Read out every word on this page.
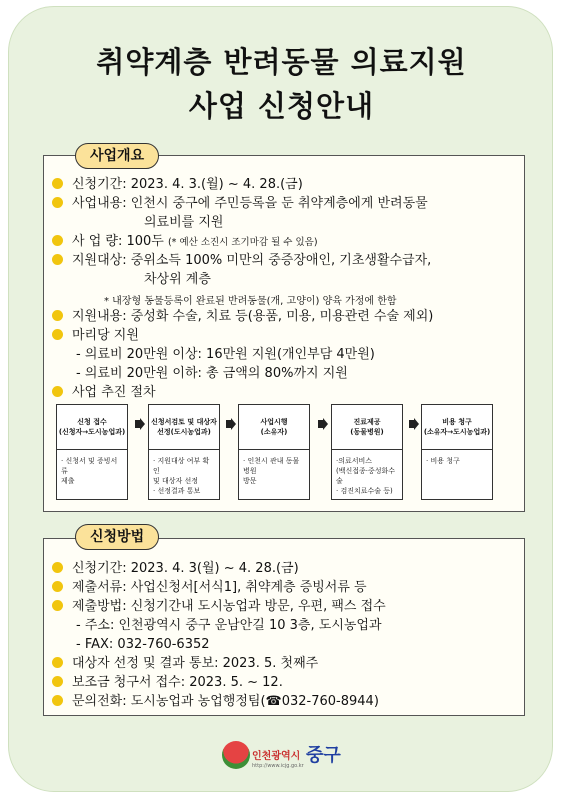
취약계층 반려동물 의료지원
사업 신청안내
사업개요
신청기간: 2023. 4. 3.(월) ~ 4. 28.(금)
사업내용: 인천시 중구에 주민등록을 둔 취약계층에게 반려동물
의료비를 지원
사 업 량: 100두 (* 예산 소진시 조기마감 될 수 있음)
지원대상: 중위소득 100% 미만의 중증장애인, 기초생활수급자,
차상위 계층
* 내장형 동물등록이 완료된 반려동물(개, 고양이) 양육 가정에 한함
지원내용: 중성화 수술, 치료 등(용품, 미용, 미용관련 수술 제외)
마리당 지원
- 의료비 20만원 이상: 16만원 지원(개인부담 4만원)
- 의료비 20만원 이하: 총 금액의 80%까지 지원
사업 추진 절차
신청 접수
(신청자→도시농업과)
· 신청서 및 증빙서류
제출
신청서검토 및 대상자
선정(도시농업과)
· 지원대상 여부 확인
및 대상자 선정
· 선정결과 통보
사업시행
(소유자)
· 인천시 관내 동물병원
방문
진료제공
(동물병원)
·의료서비스
(백신접종·중성화수술
· 검진치료수술 등)
비용 청구
(소유자→도시농업과)
· 비용 청구
신청방법
신청기간: 2023. 4. 3(월) ~ 4. 28.(금)
제출서류: 사업신청서[서식1], 취약계층 증빙서류 등
제출방법: 신청기간내 도시농업과 방문, 우편, 팩스 접수
- 주소: 인천광역시 중구 운남안길 10 3층, 도시농업과
- FAX: 032-760-6352
대상자 선정 및 결과 통보: 2023. 5. 첫째주
보조금 청구서 접수: 2023. 5. ~ 12.
문의전화: 도시농업과 농업행정팀(☎032-760-8944)
인천광역시 중구
http://www.icjg.go.kr
